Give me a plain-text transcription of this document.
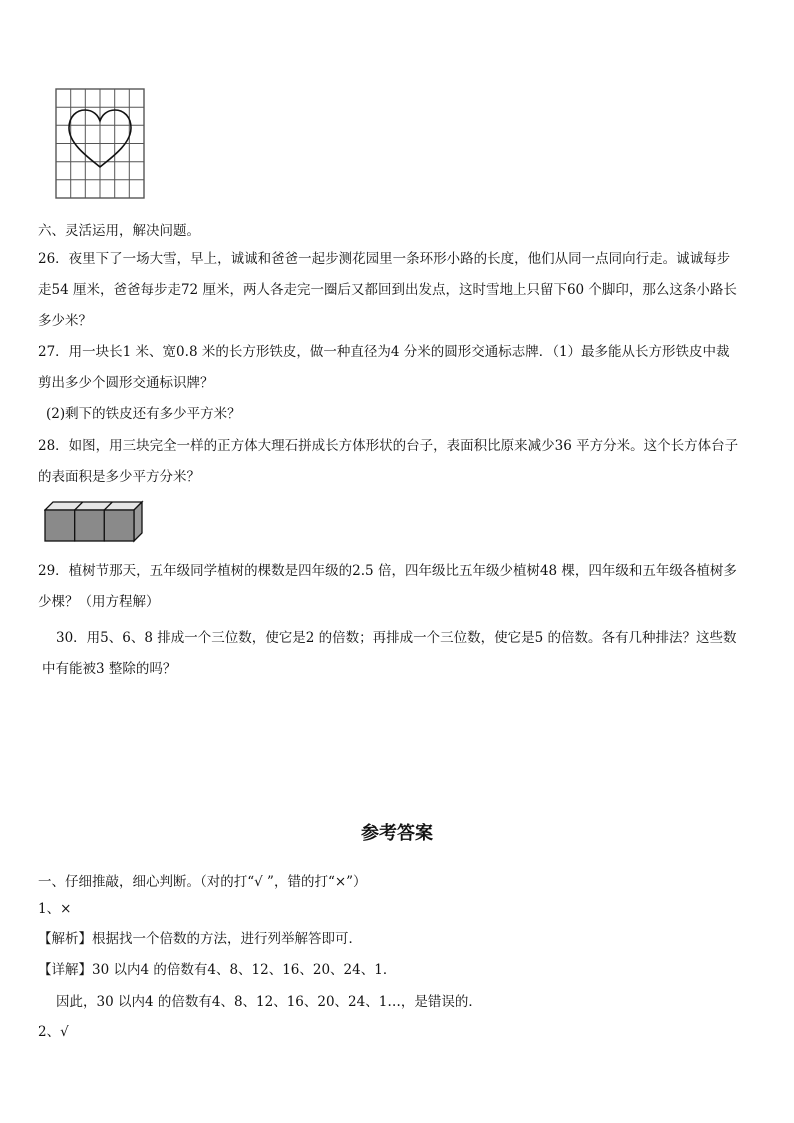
六、灵活运用，解决问题。
26．夜里下了一场大雪，早上，诚诚和爸爸一起步测花园里一条环形小路的长度，他们从同一点同向行走。诚诚每步
走54 厘米，爸爸每步走72 厘米，两人各走完一圈后又都回到出发点，这时雪地上只留下60 个脚印，那么这条小路长
多少米？
27．用一块长1 米、宽0.8 米的长方形铁皮，做一种直径为4 分米的圆形交通标志牌．（1）最多能从长方形铁皮中裁
剪出多少个圆形交通标识牌？
(2)剩下的铁皮还有多少平方米？
28．如图，用三块完全一样的正方体大理石拼成长方体形状的台子，表面积比原来减少36 平方分米。这个长方体台子
的表面积是多少平方分米？
29．植树节那天，五年级同学植树的棵数是四年级的2.5 倍，四年级比五年级少植树48 棵，四年级和五年级各植树多
少棵？（用方程解）
30．用5、6、8 排成一个三位数，使它是2 的倍数；再排成一个三位数，使它是5 的倍数。各有几种排法？这些数
中有能被3 整除的吗？
参考答案
一、仔细推敲，细心判断。（对的打“√ ”，错的打“×”）
1、×
【解析】根据找一个倍数的方法，进行列举解答即可．
【详解】30 以内4 的倍数有4、8、12、16、20、24、1．
因此，30 以内4 的倍数有4、8、12、16、20、24、1…，是错误的．
2、√
